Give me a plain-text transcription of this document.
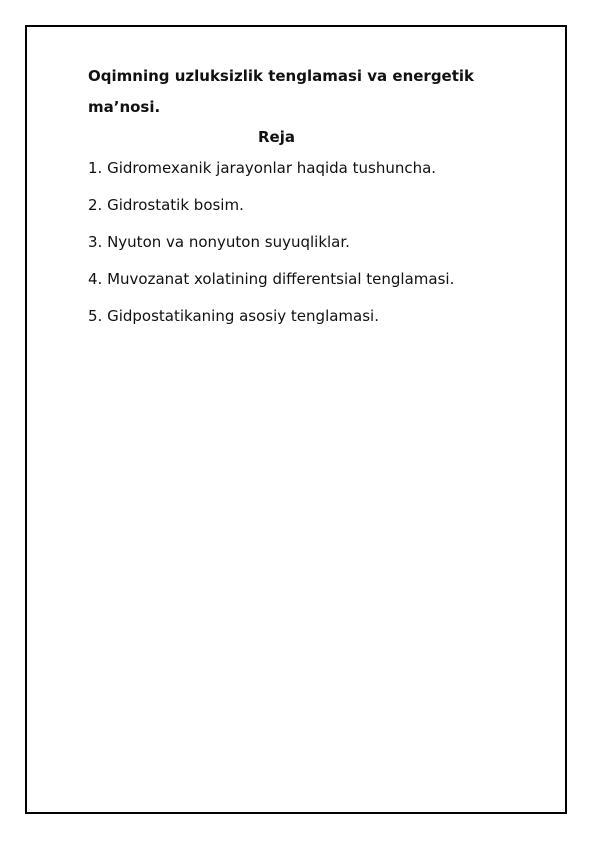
Oqimning uzluksizlik tenglamasi va energetik
ma’nosi.
Reja
1. Gidromexanik jarayonlar haqida tushuncha.
2. Gidrostatik bosim.
3. Nyuton va nonyuton suyuqliklar.
4. Muvozanat xolatining differentsial tenglamasi.
5. Gidpostatikaning asosiy tenglamasi.
